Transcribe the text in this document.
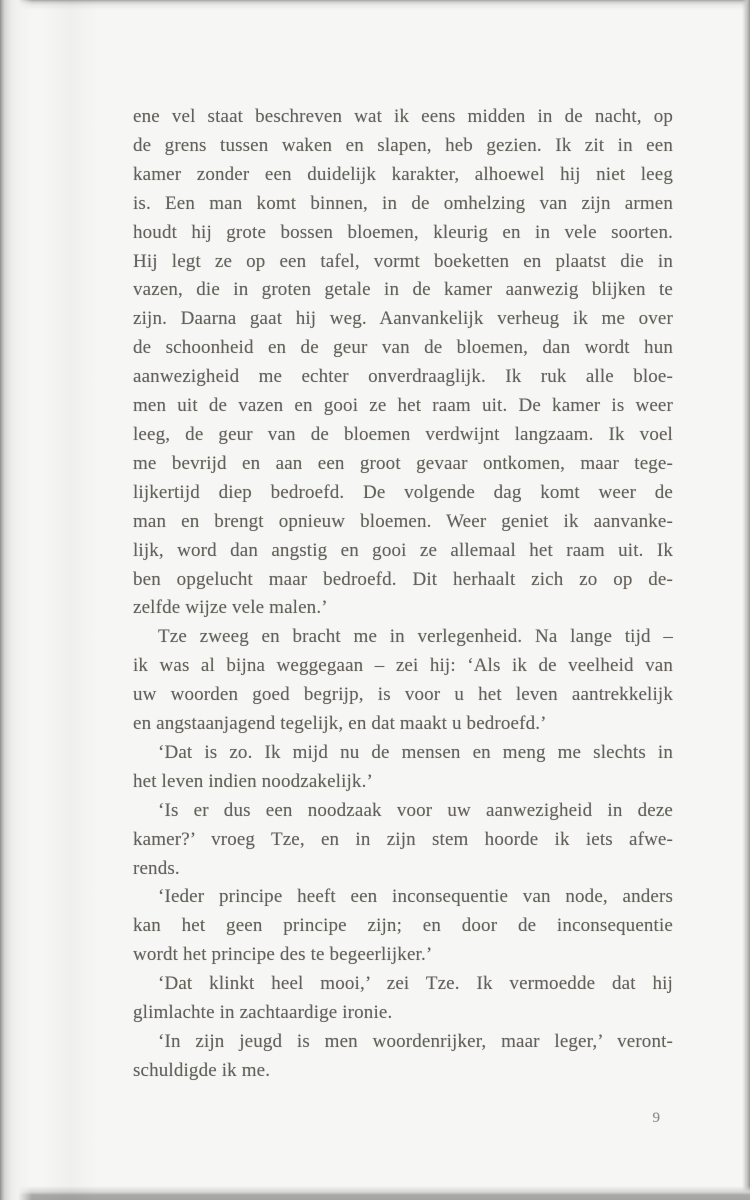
ene vel staat beschreven wat ik eens midden in de nacht, op
de grens tussen waken en slapen, heb gezien. Ik zit in een
kamer zonder een duidelijk karakter, alhoewel hij niet leeg
is. Een man komt binnen, in de omhelzing van zijn armen
houdt hij grote bossen bloemen, kleurig en in vele soorten.
Hij legt ze op een tafel, vormt boeketten en plaatst die in
vazen, die in groten getale in de kamer aanwezig blijken te
zijn. Daarna gaat hij weg. Aanvankelijk verheug ik me over
de schoonheid en de geur van de bloemen, dan wordt hun
aanwezigheid me echter onverdraaglijk. Ik ruk alle bloe-
men uit de vazen en gooi ze het raam uit. De kamer is weer
leeg, de geur van de bloemen verdwijnt langzaam. Ik voel
me bevrijd en aan een groot gevaar ontkomen, maar tege-
lijkertijd diep bedroefd. De volgende dag komt weer de
man en brengt opnieuw bloemen. Weer geniet ik aanvanke-
lijk, word dan angstig en gooi ze allemaal het raam uit. Ik
ben opgelucht maar bedroefd. Dit herhaalt zich zo op de-
zelfde wijze vele malen.’
Tze zweeg en bracht me in verlegenheid. Na lange tijd –
ik was al bijna weggegaan – zei hij: ‘Als ik de veelheid van
uw woorden goed begrijp, is voor u het leven aantrekkelijk
en angstaanjagend tegelijk, en dat maakt u bedroefd.’
‘Dat is zo. Ik mijd nu de mensen en meng me slechts in
het leven indien noodzakelijk.’
‘Is er dus een noodzaak voor uw aanwezigheid in deze
kamer?’ vroeg Tze, en in zijn stem hoorde ik iets afwe-
rends.
‘Ieder principe heeft een inconsequentie van node, anders
kan het geen principe zijn; en door de inconsequentie
wordt het principe des te begeerlijker.’
‘Dat klinkt heel mooi,’ zei Tze. Ik vermoedde dat hij
glimlachte in zachtaardige ironie.
‘In zijn jeugd is men woordenrijker, maar leger,’ veront-
schuldigde ik me.
9
